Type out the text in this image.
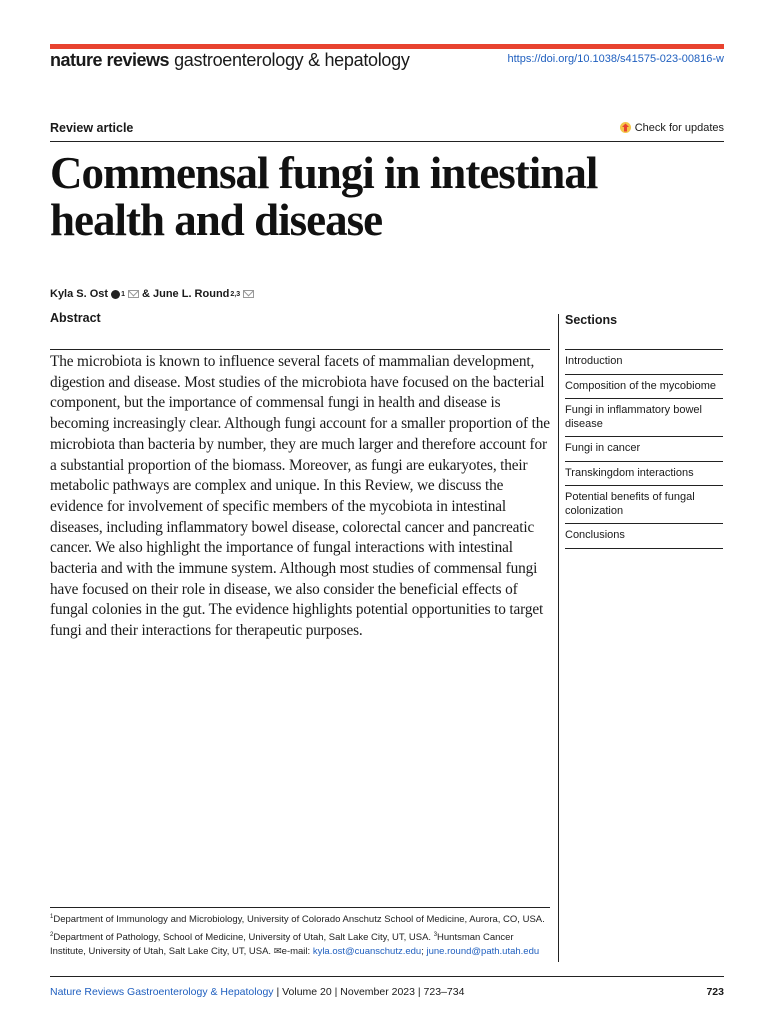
nature reviews gastroenterology & hepatology	https://doi.org/10.1038/s41575-023-00816-w
Review article	Check for updates
Commensal fungi in intestinal
health and disease
Kyla S. Ost 1 &
June L. Round 2,3
Abstract

The microbiota is known to influence several facets of mammalian development, digestion and disease. Most studies of the microbiota have focused on the bacterial component, but the importance of commensal fungi in health and disease is becoming increasingly clear. Although fungi account for a smaller proportion of the microbiota than bacteria by number, they are much larger and therefore account for a substantial proportion of the biomass. Moreover, as fungi are eukaryotes, their metabolic pathways are complex and unique. In this Review, we discuss the evidence for involvement of specific members of the mycobiota in intestinal diseases, including inflammatory bowel disease, colorectal cancer and pancreatic cancer. We also highlight the importance of fungal interactions with intestinal bacteria and with the immune system. Although most studies of commensal fungi have focused on their role in disease, we also consider the beneficial effects of fungal colonies in the gut. The evidence highlights potential opportunities to target fungi and their interactions for therapeutic purposes.

Sections
Introduction
Composition of the mycobiome
Fungi in inflammatory bowel disease
Fungi in cancer
Transkingdom interactions
Potential benefits of fungal colonization
Conclusions

$^1$Department of Immunology and Microbiology, University of Colorado Anschutz School of Medicine, Aurora, CO, USA. $^2$Department of Pathology, School of Medicine, University of Utah, Salt Lake City, UT, USA. $^3$Huntsman Cancer Institute, University of Utah, Salt Lake City, UT, USA. ✉e-mail: kyla.ost@cuanschutz.edu; june.round@path.utah.edu

Nature Reviews Gastroenterology & Hepatology | Volume 20 | November 2023 | 723–734	723
